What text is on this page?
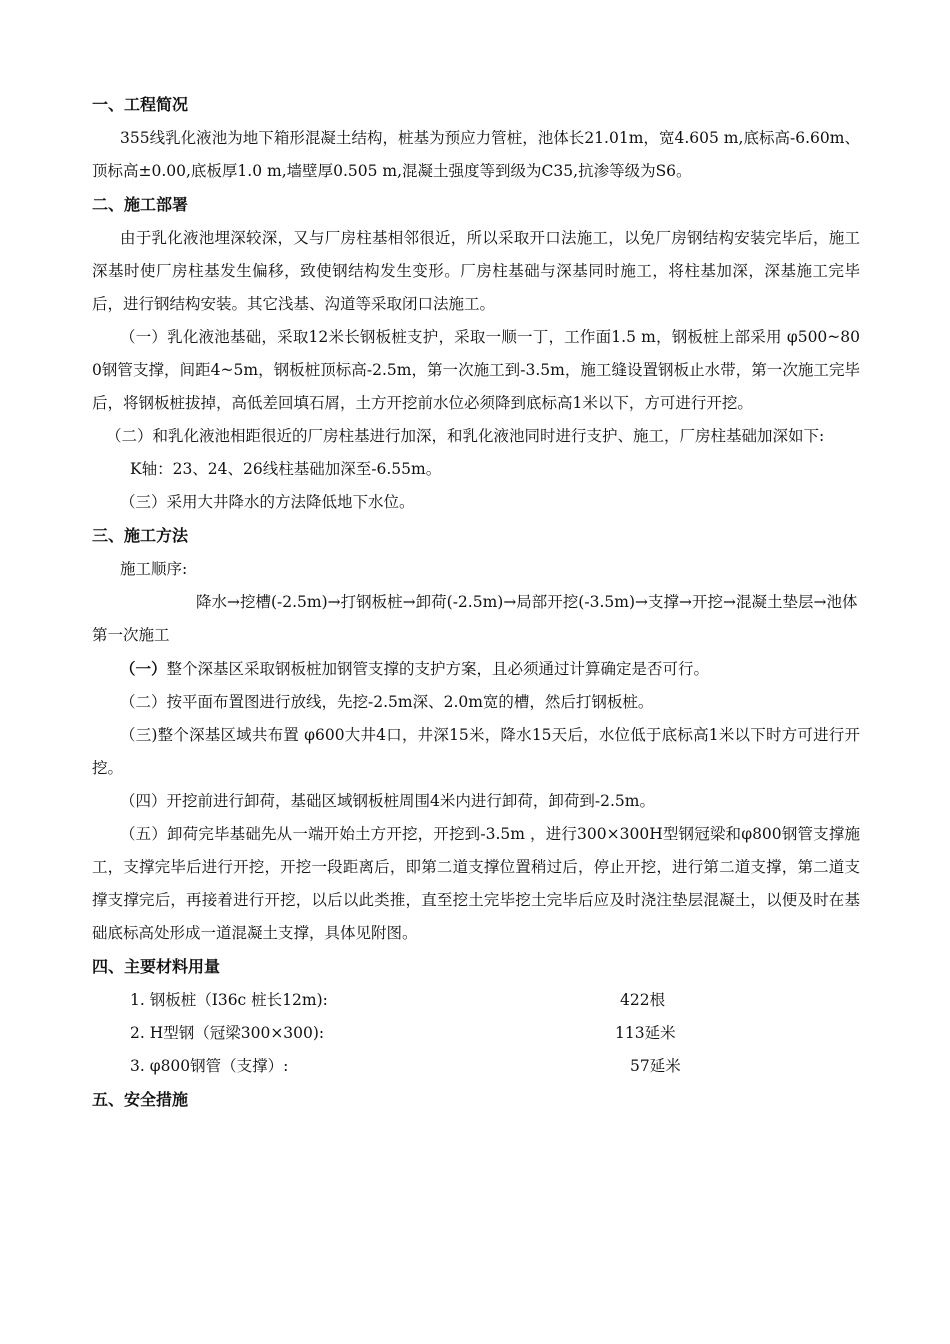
一、工程简况

355线乳化液池为地下箱形混凝土结构，桩基为预应力管桩，池体长21.01m，宽4.605 m,底标高-6.60m、顶标高±0.00,底板厚1.0 m,墙壁厚0.505 m,混凝土强度等到级为C35,抗渗等级为S6。

二、施工部署

由于乳化液池埋深较深，又与厂房柱基相邻很近，所以采取开口法施工，以免厂房钢结构安装完毕后，施工深基时使厂房柱基发生偏移，致使钢结构发生变形。厂房柱基础与深基同时施工，将柱基加深，深基施工完毕后，进行钢结构安装。其它浅基、沟道等采取闭口法施工。

（一）乳化液池基础，采取12米长钢板桩支护，采取一顺一丁，工作面1.5 m，钢板桩上部采用 φ500~800钢管支撑，间距4~5m，钢板桩顶标高-2.5m，第一次施工到-3.5m，施工缝设置钢板止水带，第一次施工完毕后，将钢板桩拔掉，高低差回填石屑，土方开挖前水位必须降到底标高1米以下，方可进行开挖。

（二）和乳化液池相距很近的厂房柱基进行加深，和乳化液池同时进行支护、施工，厂房柱基础加深如下:

K轴：23、24、26线柱基础加深至-6.55m。

（三）采用大井降水的方法降低地下水位。

三、施工方法

施工顺序:

降水→挖槽(-2.5m)→打钢板桩→卸荷(-2.5m)→局部开挖(-3.5m)→支撑→开挖→混凝土垫层→池体第一次施工

（一）整个深基区采取钢板桩加钢管支撑的支护方案，且必须通过计算确定是否可行。

（二）按平面布置图进行放线，先挖-2.5m深、2.0m宽的槽，然后打钢板桩。

（三)整个深基区域共布置 φ600大井4口，井深15米，降水15天后，水位低于底标高1米以下时方可进行开挖。

（四）开挖前进行卸荷，基础区域钢板桩周围4米内进行卸荷，卸荷到-2.5m。

（五）卸荷完毕基础先从一端开始土方开挖，开挖到-3.5m ，进行300×300H型钢冠梁和φ800钢管支撑施工，支撑完毕后进行开挖，开挖一段距离后，即第二道支撑位置稍过后，停止开挖，进行第二道支撑，第二道支撑支撑完后，再接着进行开挖，以后以此类推，直至挖土完毕挖土完毕后应及时浇注垫层混凝土，以便及时在基础底标高处形成一道混凝土支撑，具体见附图。

四、主要材料用量
1. 钢板桩（I36c 桩长12m):	422根
2. H型钢（冠梁300×300):	113延米
3. φ800钢管（支撑）:	57延米
五、安全措施
